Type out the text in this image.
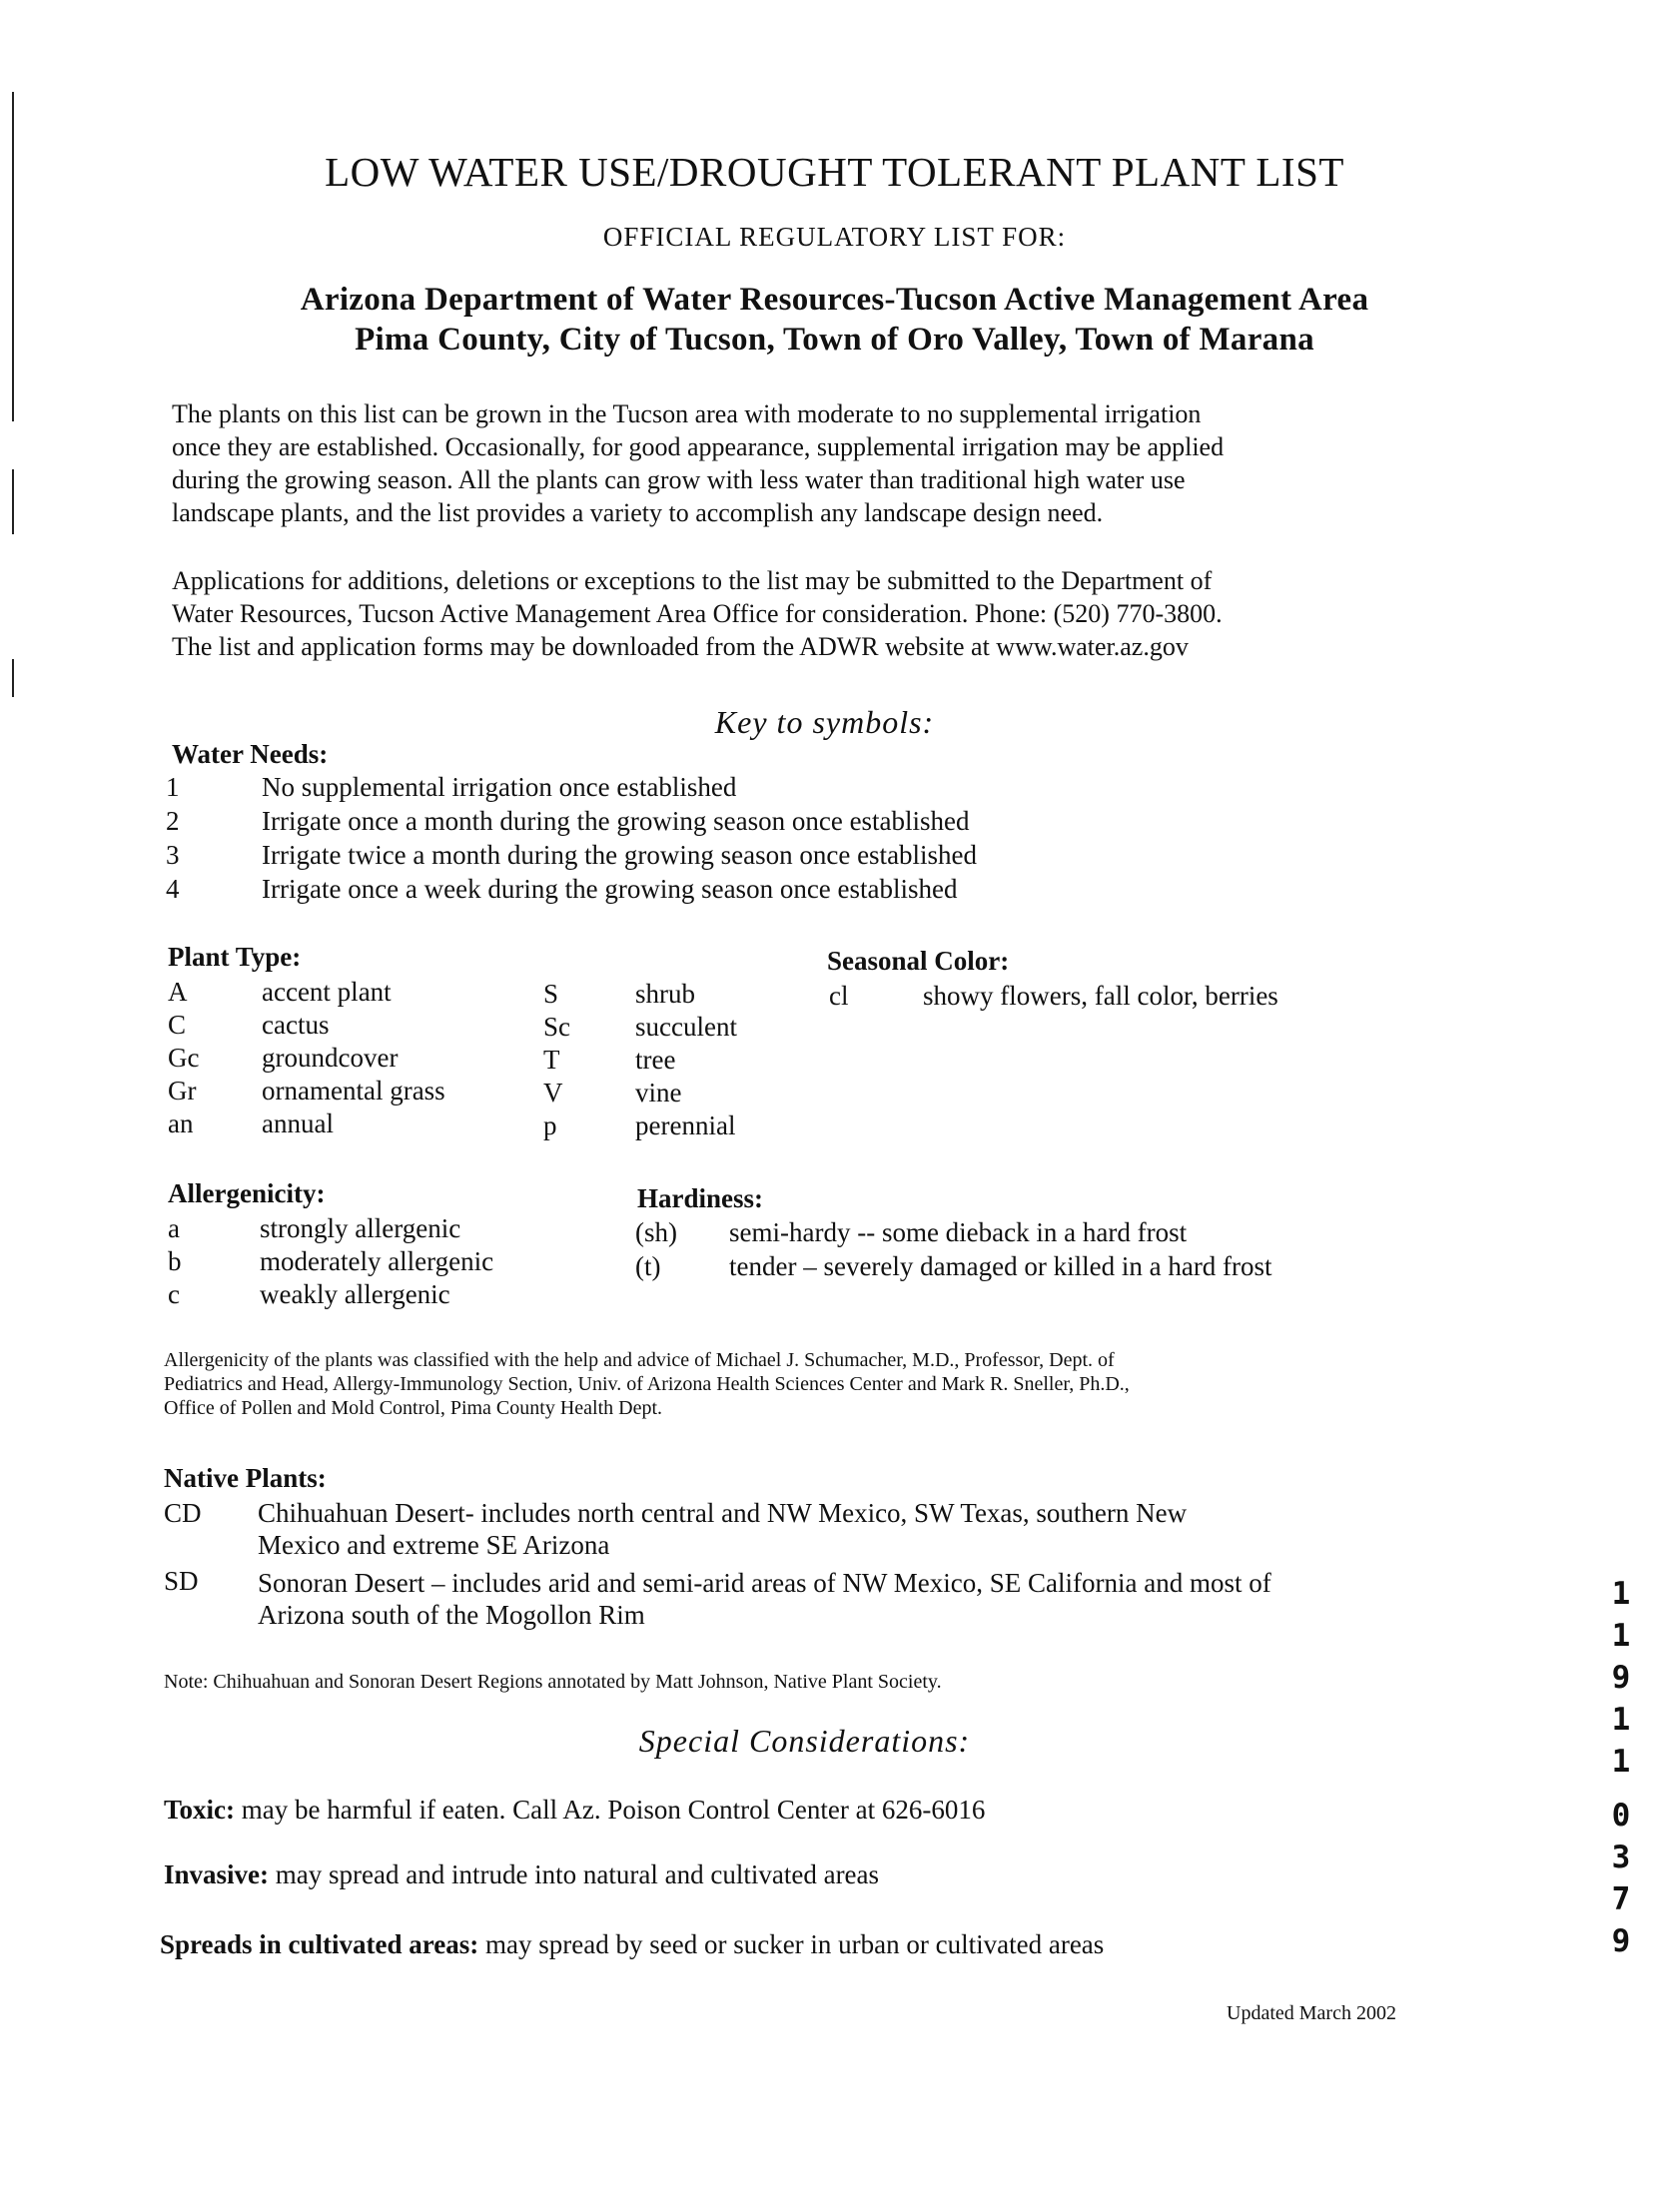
LOW WATER USE/DROUGHT TOLERANT PLANT LIST
OFFICIAL REGULATORY LIST FOR:
Arizona Department of Water Resources-Tucson Active Management Area
Pima County, City of Tucson, Town of Oro Valley, Town of Marana
The plants on this list can be grown in the Tucson area with moderate to no supplemental irrigation
once they are established. Occasionally, for good appearance, supplemental irrigation may be applied
during the growing season. All the plants can grow with less water than traditional high water use
landscape plants, and the list provides a variety to accomplish any landscape design need.
Applications for additions, deletions or exceptions to the list may be submitted to the Department of
Water Resources, Tucson Active Management Area Office for consideration. Phone: (520) 770-3800.
The list and application forms may be downloaded from the ADWR website at www.water.az.gov
Key to symbols:
Water Needs:
1	No supplemental irrigation once established
2	Irrigate once a month during the growing season once established
3	Irrigate twice a month during the growing season once established
4	Irrigate once a week during the growing season once established
Plant Type:
A	accent plant
C	cactus
Gc groundcover
Gr ornamental grass
an	annual
S	shrub
Sc succulent
T	tree
V	vine
p	perennial
Seasonal Color:
cl	showy flowers, fall color, berries
Allergenicity:
a	strongly allergenic
b	moderately allergenic
c	weakly allergenic
Hardiness:
(sh) semi-hardy -- some dieback in a hard frost
(t)	tender – severely damaged or killed in a hard frost
Allergenicity of the plants was classified with the help and advice of Michael J. Schumacher, M.D., Professor, Dept. of
Pediatrics and Head, Allergy-Immunology Section, Univ. of Arizona Health Sciences Center and Mark R. Sneller, Ph.D.,
Office of Pollen and Mold Control, Pima County Health Dept.
Native Plants:
CD Chihuahuan Desert- includes north central and NW Mexico, SW Texas, southern New
Mexico and extreme SE Arizona
SD Sonoran Desert – includes arid and semi-arid areas of NW Mexico, SE California and most of
Arizona south of the Mogollon Rim
Note: Chihuahuan and Sonoran Desert Regions annotated by Matt Johnson, Native Plant Society.
Special Considerations:
Toxic: may be harmful if eaten. Call Az. Poison Control Center at 626-6016
Invasive: may spread and intrude into natural and cultivated areas
Spreads in cultivated areas: may spread by seed or sucker in urban or cultivated areas
Updated March 2002
1
1
9
1
1
0
3
7
9
